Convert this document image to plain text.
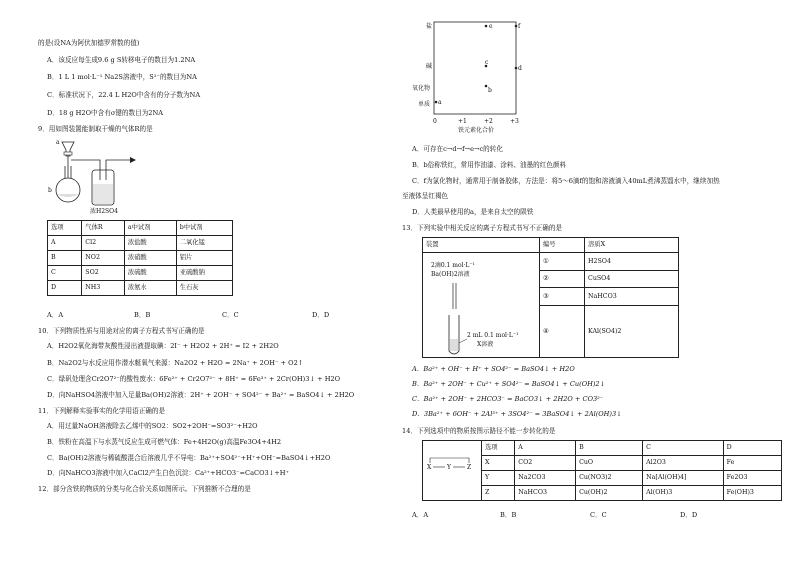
的是(设NA为阿伏加德罗常数的值)
A．该反应每生成9.6 g S转移电子的数目为1.2NA
B．1 L 1 mol·L⁻¹ Na2S溶液中，S²⁻的数目为NA
C．标准状况下，22.4 L H2O中含有的分子数为NA
D．18 g H2O中含有σ键的数目为2NA
9．用如图装置能制取干燥的气体R的是
a
b
浓H2SO4
选项	气体R	a中试剂	b中试剂
A	Cl2	浓盐酸	二氧化锰
B	NO2	浓硝酸	铝片
C	SO2	浓硫酸	亚硫酸钠
D	NH3	浓氨水	生石灰
A．A	B．B	C．C	D．D
10．下列物质性质与用途对应的离子方程式书写正确的是
A．H2O2氧化海带灰酸性浸出液提取碘：2I⁻ + H2O2 + 2H⁺ = I2 + 2H2O
B．Na2O2与水反应用作潜水艇氧气来源：Na2O2 + H2O = 2Na⁺ + 2OH⁻ + O2↑
C．绿矾处理含Cr2O7²⁻的酸性废水：6Fe²⁺ + Cr2O7²⁻ + 8H⁺ = 6Fe³⁺ + 2Cr(OH)3↓ + H2O
D．向NaHSO4溶液中加入足量Ba(OH)2溶液：2H⁺ + 2OH⁻ + SO4²⁻ + Ba²⁺ = BaSO4↓ + 2H2O
11．下列解释实验事实的化学用语正确的是
A．用过量NaOH溶液除去乙烯中的SO2：SO2+2OH⁻=SO3²⁻+H2O
B．铁粉在高温下与水蒸气反应生成可燃气体：Fe+4H2O(g)高温Fe3O4+4H2
C．Ba(OH)2溶液与稀硫酸混合后溶液几乎不导电：Ba²⁺+SO4²⁻+H⁺+OH⁻=BaSO4↓+H2O
D．向NaHCO3溶液中加入CaCl2产生白色沉淀：Ca²⁺+HCO3⁻=CaCO3↓+H⁺
12．部分含铁的物质的分类与化合价关系如图所示。下列推断不合理的是
盐
碱
氧化物
单质
0	+1	+2	+3
铁元素化合价
a
b
c
d
e	f
A．可存在c→d→f→e→c的转化
B．b俗称铁红，常用作油漆、涂料、油墨的红色颜料
C．f为氯化物时，通常用于制备胶体，方法是：将5～6滴f的饱和溶液滴入40mL煮沸蒸馏水中，继续加热
至液体呈红褐色
D．人类最早使用的a，是来自太空的陨铁
13．下列实验中相关反应的离子方程式书写不正确的是
装置	编号	溶质X

2滴0.1 mol·L⁻¹
Ba(OH)2溶液
2 mL 0.1 mol·L⁻¹
X溶液	①	H2SO4
	②	CuSO4
	③	NaHCO3
	④	KAl(SO4)2
A．Ba²⁺ + OH⁻ + H⁺ + SO4²⁻ = BaSO4↓ + H2O
B．Ba²⁺ + 2OH⁻ + Cu²⁺ + SO4²⁻ = BaSO4↓ + Cu(OH)2↓
C．Ba²⁺ + 2OH⁻ + 2HCO3⁻ = BaCO3↓ + 2H2O + CO3²⁻
D．3Ba²⁺ + 6OH⁻ + 2Al³⁺ + 3SO4²⁻ = 3BaSO4↓ + 2Al(OH)3↓
14．下列选项中的物质按图示路径不能一步转化的是
X Y Z	选项	A	B	C	D
	X	CO2	CuO	Al2O3	Fe
	Y	Na2CO3	Cu(NO3)2	Na[Al(OH)4]	Fe2O3
	Z	NaHCO3	Cu(OH)2	Al(OH)3	Fe(OH)3
A．A	B．B	C．C	D．D
